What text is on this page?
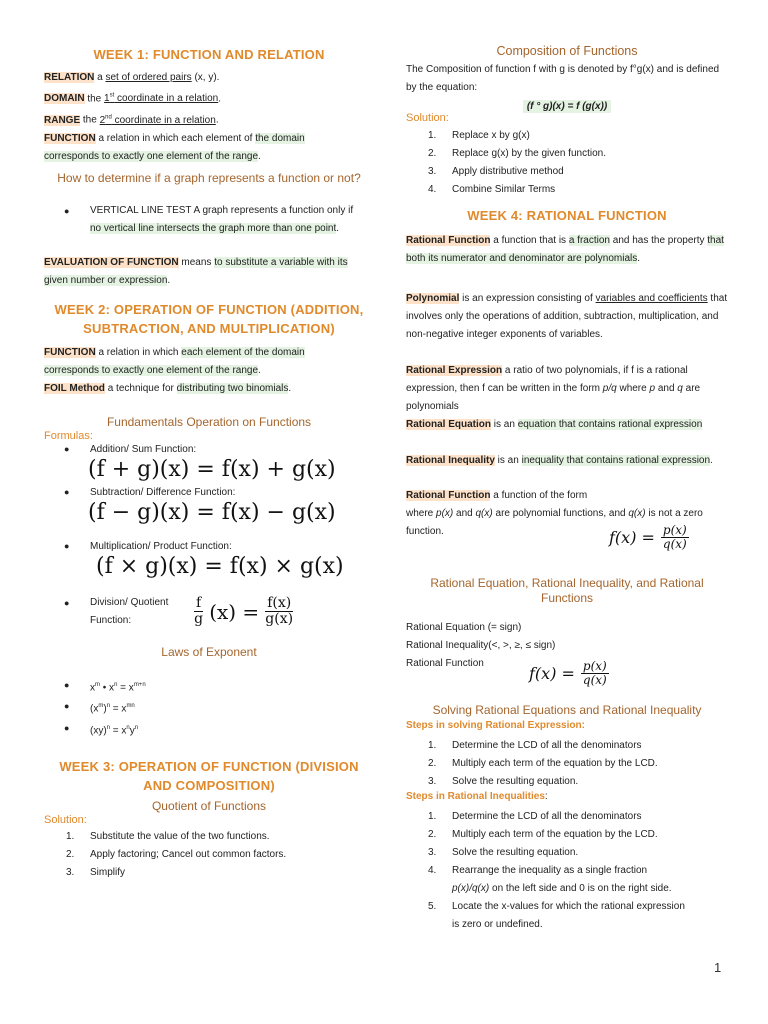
WEEK 1: FUNCTION AND RELATION
RELATION a set of ordered pairs (x, y).
DOMAIN the 1st coordinate in a relation.
RANGE the 2nd coordinate in a relation.
FUNCTION a relation in which each element of the domain
corresponds to exactly one element of the range.
How to determine if a graph represents a function or not?
● VERTICAL LINE TEST A graph represents a function only if no vertical line intersects the graph more than one point.
EVALUATION OF FUNCTION means to substitute a variable with its given number or expression.
WEEK 2: OPERATION OF FUNCTION (ADDITION, SUBTRACTION, AND MULTIPLICATION)
FUNCTION a relation in which each element of the domain corresponds to exactly one element of the range.
FOIL Method a technique for distributing two binomials.
Fundamentals Operation on Functions
Formulas:
● Addition/ Sum Function:
(f + g)(x) = f(x) + g(x)
● Subtraction/ Difference Function:
(f − g)(x) = f(x) − g(x)
● Multiplication/ Product Function:
(f × g)(x) = f(x) × g(x)
● Division/ Quotient Function:	$\frac{f}{g} (x) = \frac{f(x)}{g(x)}$
Laws of Exponent
● $x^m$ • $x^n = x^{m+n}$
● $(x^m)^n = x^{mn}$
● $(xy)^n = x^ny^n$
WEEK 3: OPERATION OF FUNCTION (DIVISION AND COMPOSITION)
Quotient of Functions
Solution:
1. Substitute the value of the two functions.
2. Apply factoring; Cancel out common factors.
3. Simplify
Composition of Functions
The Composition of function f with g is denoted by f°g(x) and is defined by the equation:
(f ° g)(x) = f (g(x))
Solution:
1. Replace x by g(x)
2. Replace g(x) by the given function.
3. Apply distributive method
4. Combine Similar Terms
WEEK 4: RATIONAL FUNCTION
Rational Function a function that is a fraction and has the property that both its numerator and denominator are polynomials.
Polynomial is an expression consisting of variables and coefficients that involves only the operations of addition, subtraction, multiplication, and non-negative integer exponents of variables.
Rational Expression a ratio of two polynomials, if f is a rational expression, then f can be written in the form p/q where p and q are polynomials
Rational Equation is an equation that contains rational expression
Rational Inequality is an inequality that contains rational expression.
Rational Function a function of the form
where p(x) and q(x) are polynomial functions, and q(x) is not a zero function.	$f(x) = \frac{p(x)}{q(x)}$
Rational Equation, Rational Inequality, and Rational Functions
Rational Equation (= sign)
Rational Inequality(<, >, ≥, ≤ sign)
Rational Function
$f(x) = \frac{p(x)}{q(x)}$
Solving Rational Equations and Rational Inequality
Steps in solving Rational Expression:
1. Determine the LCD of all the denominators
2. Multiply each term of the equation by the LCD.
3. Solve the resulting equation.
Steps in Rational Inequalities:
1. Determine the LCD of all the denominators
2. Multiply each term of the equation by the LCD.
3. Solve the resulting equation.
4. Rearrange the inequality as a single fraction
p(x)/q(x) on the left side and 0 is on the right side.
5. Locate the x-values for which the rational expression
is zero or undefined.
1
